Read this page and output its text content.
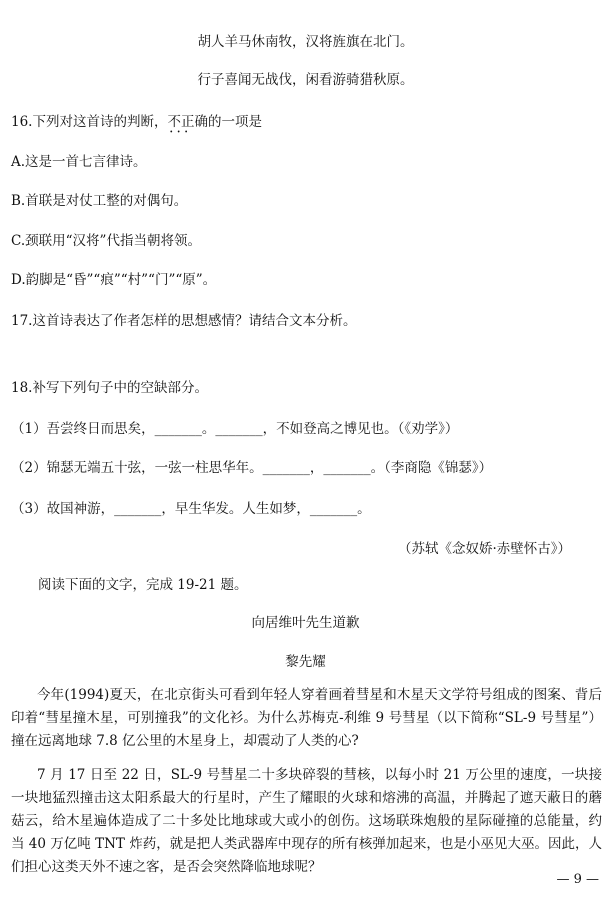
胡人羊马休南牧，汉将旌旗在北门。
行子喜闻无战伐，闲看游骑猎秋原。
16.下列对这首诗的判断，不正确 • • •的一项是
A.这是一首七言律诗。
B.首联是对仗工整的对偶句。
C.颈联用“汉将”代指当朝将领。
D.韵脚是“昏”“痕”“村”“门”“原”。
17.这首诗表达了作者怎样的思想感情？请结合文本分析。
18.补写下列句子中的空缺部分。
（1）吾尝终日而思矣，_______。_______，不如登高之博见也。（《劝学》）
（2）锦瑟无端五十弦，一弦一柱思华年。_______，_______。（李商隐《锦瑟》）
（3）故国神游，_______，早生华发。人生如梦，_______。
（苏轼《念奴娇·赤壁怀古》）
阅读下面的文字，完成 19-21 题。
向居维叶先生道歉
黎先耀
今年(1994)夏天，在北京街头可看到年轻人穿着画着彗星和木星天文学符号组成的图案、背后印着“彗星撞木星，可别撞我”的文化衫。为什么苏梅克-利维 9 号彗星（以下简称“SL-9 号彗星”）撞在远离地球 7.8 亿公里的木星身上，却震动了人类的心?
7 月 17 日至 22 日，SL-9 号彗星二十多块碎裂的彗核，以每小时 21 万公里的速度，一块接一块地猛烈撞击这太阳系最大的行星时，产生了耀眼的火球和熔沸的高温，并腾起了遮天蔽日的蘑菇云，给木星遍体造成了二十多处比地球或大或小的创伤。这场联珠炮般的星际碰撞的总能量，约当 40 万亿吨 TNT 炸药，就是把人类武器库中现存的所有核弹加起来，也是小巫见大巫。因此，人们担心这类天外不速之客，是否会突然降临地球呢？
— 9 —
